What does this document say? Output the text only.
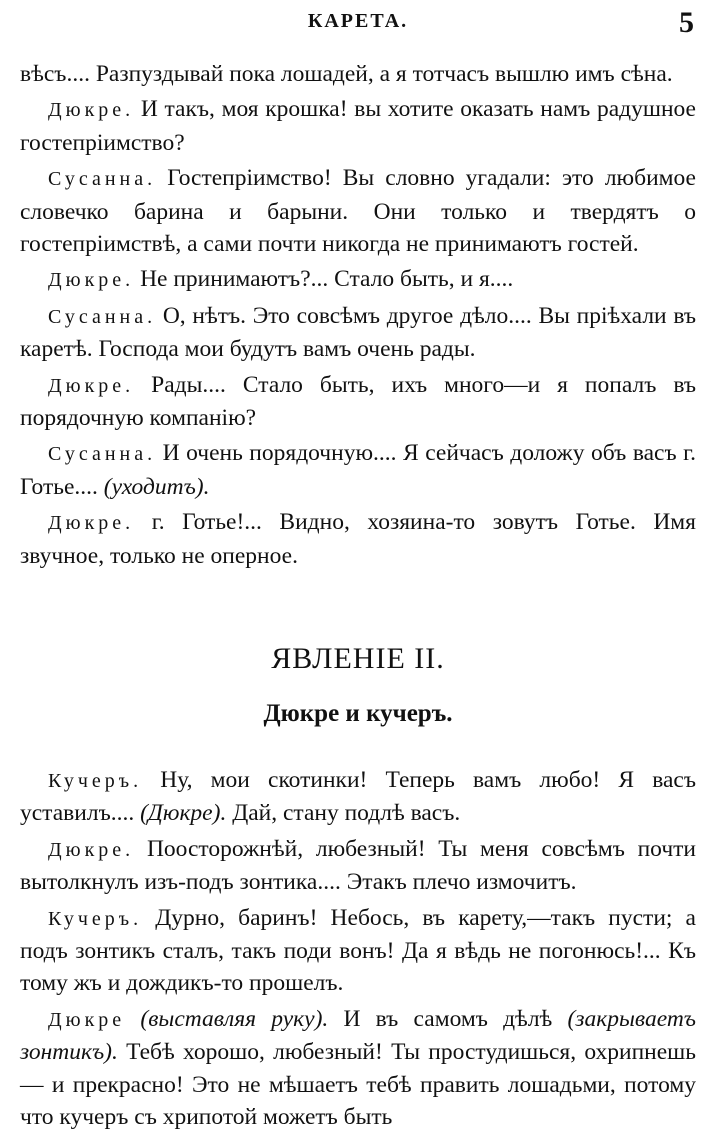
КАРЕТА.	5

вѣсъ.... Разпуздывай пока лошадей, а я тотчасъ вышлю имъ сѣна.

Дюкре. И такъ, моя крошка! вы хотите оказать намъ радушное гостепріимство?

Сусанна. Гостепріимство! Вы словно угадали: это любимое словечко барина и барыни. Они только и твердятъ о гостепріимствѣ, а сами почти никогда не принимаютъ гостей.

Дюкре. Не принимаютъ?... Стало быть, и я....

Сусанна. О, нѣтъ. Это совсѣмъ другое дѣло.... Вы пріѣхали въ каретѣ. Господа мои будутъ вамъ очень рады.

Дюкре. Рады.... Стало быть, ихъ много—и я попалъ въ порядочную компанію?

Сусанна. И очень порядочную.... Я сейчасъ доложу объ васъ г. Готье.... (уходитъ).

Дюкре. г. Готье!... Видно, хозяина-то зовутъ Готье. Имя звучное, только не оперное.

ЯВЛЕНІЕ II.
Дюкре и кучеръ.

Кучеръ. Ну, мои скотинки! Теперь вамъ любо! Я васъ уставилъ.... (Дюкре). Дай, стану подлѣ васъ.

Дюкре. Поосторожнѣй, любезный! Ты меня совсѣмъ почти вытолкнулъ изъ-подъ зонтика.... Этакъ плечо измочитъ.

Кучеръ. Дурно, баринъ! Небось, въ карету,—такъ пусти; а подъ зонтикъ сталъ, такъ поди вонъ! Да я вѣдь не погонюсь!... Къ тому жъ и дождикъ-то прошелъ.

Дюкре (выставляя руку). И въ самомъ дѣлѣ (закрываетъ зонтикъ). Тебѣ хорошо, любезный! Ты простудишься, охрипнешь — и прекрасно! Это не мѣшаетъ тебѣ править лошадьми, потому что кучеръ съ хрипотой можетъ быть
